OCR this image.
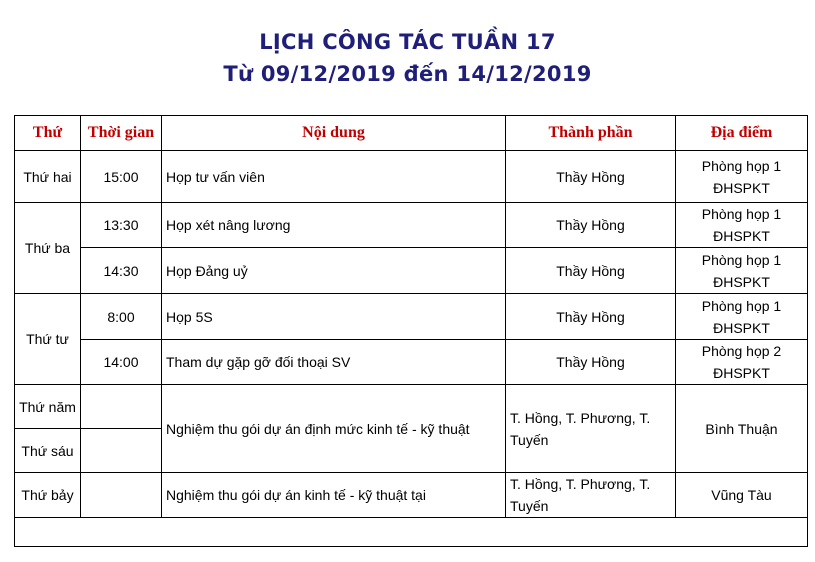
LỊCH CÔNG TÁC TUẦN 17
Từ 09/12/2019 đến 14/12/2019
Thứ	Thời gian	Nội dung	Thành phần	Địa điểm
Thứ hai	15:00	Họp tư vấn viên	Thầy Hồng	Phòng họp 1
ĐHSPKT
Thứ ba	13:30	Họp xét nâng lương	Thầy Hồng	Phòng họp 1
ĐHSPKT
	14:30	Họp Đảng uỷ	Thầy Hồng	Phòng họp 1
ĐHSPKT
Thứ tư	8:00	Họp 5S	Thầy Hồng	Phòng họp 1
ĐHSPKT
	14:00	Tham dự gặp gỡ đối thoại SV	Thầy Hồng	Phòng họp 2
ĐHSPKT
Thứ năm		Nghiệm thu gói dự án định mức kinh tế - kỹ thuật	T. Hồng, T. Phương, T. Tuyến	Bình Thuận
Thứ sáu				
Thứ bảy		Nghiệm thu gói dự án kinh tế - kỹ thuật tại	T. Hồng, T. Phương, T. Tuyến	Vũng Tàu
